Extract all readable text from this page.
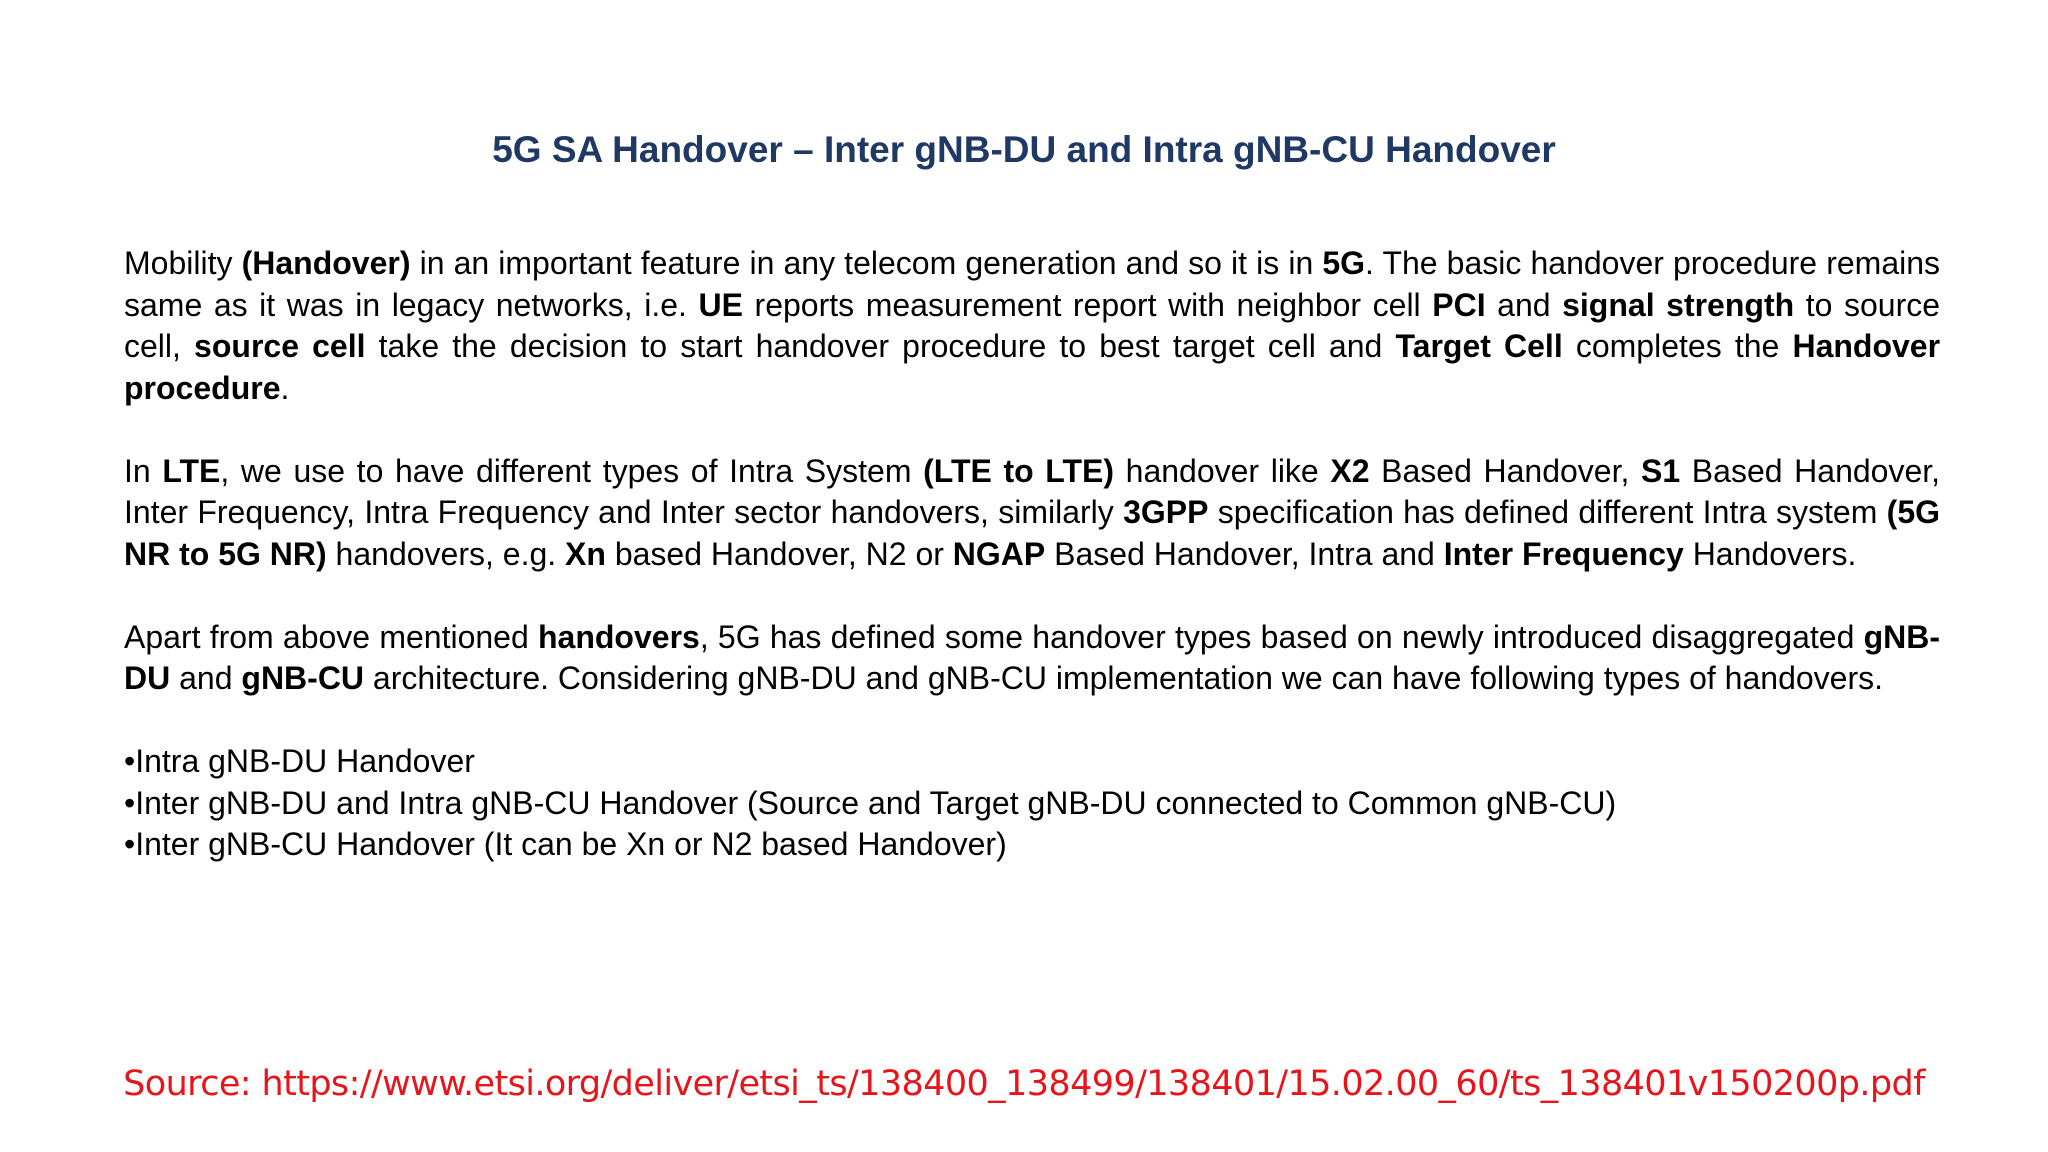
5G SA Handover – Inter gNB-DU and Intra gNB-CU Handover

Mobility (Handover) in an important feature in any telecom generation and so it is in 5G. The basic handover procedure remains same as it was in legacy networks, i.e. UE reports measurement report with neighbor cell PCI and signal strength to source cell, source cell take the decision to start handover procedure to best target cell and Target Cell completes the Handover procedure.

In LTE, we use to have different types of Intra System (LTE to LTE) handover like X2 Based Handover, S1 Based Handover, Inter Frequency, Intra Frequency and Inter sector handovers, similarly 3GPP specification has defined different Intra system (5G NR to 5G NR) handovers, e.g. Xn based Handover, N2 or NGAP Based Handover, Intra and Inter Frequency Handovers.

Apart from above mentioned handovers, 5G has defined some handover types based on newly introduced disaggregated gNB-DU and gNB-CU architecture. Considering gNB-DU and gNB-CU implementation we can have following types of handovers.

•Intra gNB-DU Handover
•Inter gNB-DU and Intra gNB-CU Handover (Source and Target gNB-DU connected to Common gNB-CU)
•Inter gNB-CU Handover (It can be Xn or N2 based Handover)
Source: https://www.etsi.org/deliver/etsi_ts/138400_138499/138401/15.02.00_60/ts_138401v150200p.pdf
